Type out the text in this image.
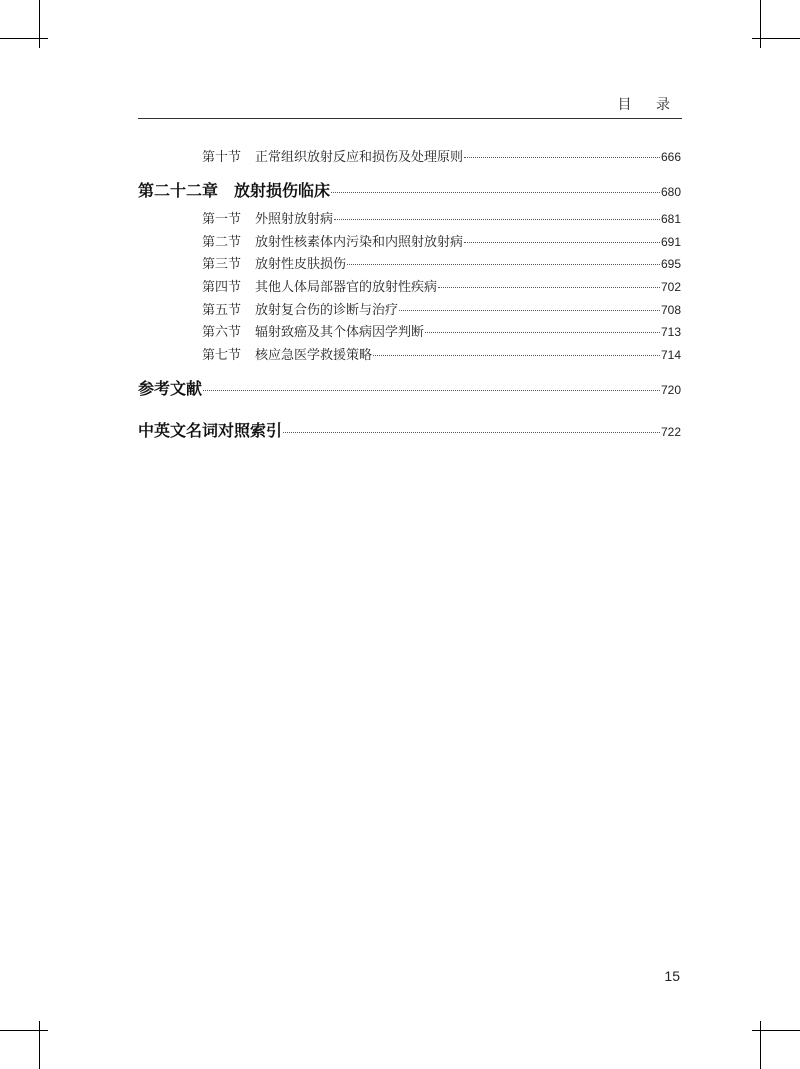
目 录
第十节 正常组织放射反应和损伤及处理原则	666
第二十二章 放射损伤临床	680
第一节 外照射放射病	681
第二节 放射性核素体内污染和内照射放射病	691
第三节 放射性皮肤损伤	695
第四节 其他人体局部器官的放射性疾病	702
第五节 放射复合伤的诊断与治疗	708
第六节 辐射致癌及其个体病因学判断	713
第七节 核应急医学救援策略	714
参考文献	720
中英文名词对照索引	722
15
